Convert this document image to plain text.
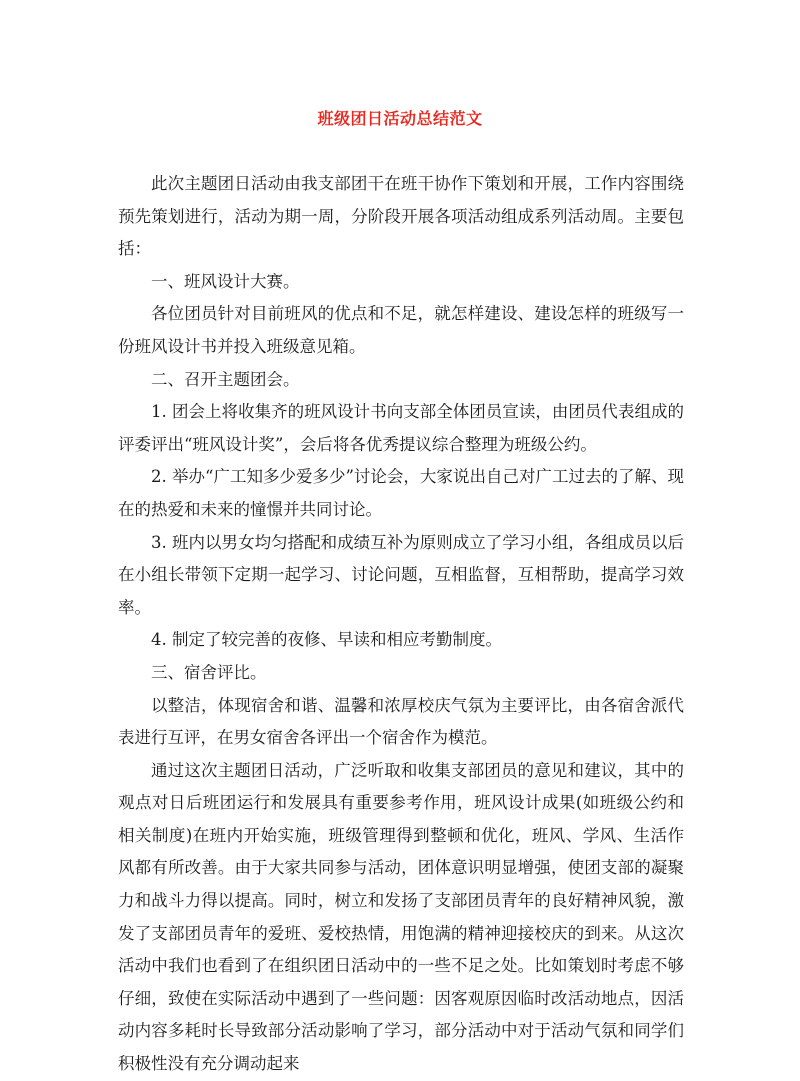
班级团日活动总结范文

此次主题团日活动由我支部团干在班干协作下策划和开展，工作内容围绕预先策划进行，活动为期一周，分阶段开展各项活动组成系列活动周。主要包括：

一、班风设计大赛。

各位团员针对目前班风的优点和不足，就怎样建设、建设怎样的班级写一份班风设计书并投入班级意见箱。

二、召开主题团会。

1. 团会上将收集齐的班风设计书向支部全体团员宣读，由团员代表组成的评委评出“班风设计奖”，会后将各优秀提议综合整理为班级公约。

2. 举办“广工知多少爱多少”讨论会，大家说出自己对广工过去的了解、现在的热爱和未来的憧憬并共同讨论。

3. 班内以男女均匀搭配和成绩互补为原则成立了学习小组，各组成员以后在小组长带领下定期一起学习、讨论问题，互相监督，互相帮助，提高学习效率。

4. 制定了较完善的夜修、早读和相应考勤制度。

三、宿舍评比。

以整洁，体现宿舍和谐、温馨和浓厚校庆气氛为主要评比，由各宿舍派代表进行互评，在男女宿舍各评出一个宿舍作为模范。

通过这次主题团日活动，广泛听取和收集支部团员的意见和建议，其中的观点对日后班团运行和发展具有重要参考作用，班风设计成果(如班级公约和相关制度)在班内开始实施，班级管理得到整顿和优化，班风、学风、生活作风都有所改善。由于大家共同参与活动，团体意识明显增强，使团支部的凝聚力和战斗力得以提高。同时，树立和发扬了支部团员青年的良好精神风貌，激发了支部团员青年的爱班、爱校热情，用饱满的精神迎接校庆的到来。从这次活动中我们也看到了在组织团日活动中的一些不足之处。比如策划时考虑不够仔细，致使在实际活动中遇到了一些问题：因客观原因临时改活动地点，因活动内容多耗时长导致部分活动影响了学习，部分活动中对于活动气氛和同学们积极性没有充分调动起来
